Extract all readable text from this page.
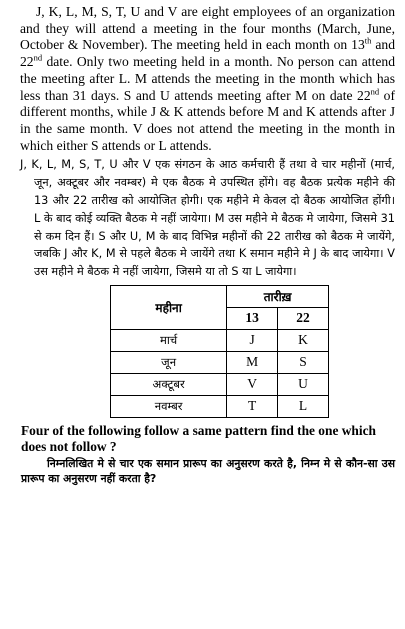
J, K, L, M, S, T, U and V are eight employees of an organization and they will attend a meeting in the four months (March, June, October & November). The meeting held in each month on 13th and 22nd date. Only two meeting held in a month. No person can attend the meeting after L. M attends the meeting in the month which has less than 31 days. S and U attends meeting after M on date 22nd of different months, while J & K attends before M and K attends after J in the same month. V does not attend the meeting in the month in which either S attends or L attends.

J, K, L, M, S, T, U और V एक संगठन के आठ कर्मचारी हैं तथा वे चार महीनों (मार्च, जून, अक्टूबर और नवम्बर) मे एक बैठक मे उपस्थित होंगे। वह बैठक प्रत्येक महीने की 13 और 22 तारीख को आयोजित होगी। एक महीने मे केवल दो बैठक आयोजित होंगी। L के बाद कोई व्यक्ति बैठक मे नहीं जायेगा। M उस महीने मे बैठक मे जायेगा, जिसमे 31 से कम दिन हैं। S और U, M के बाद विभिन्न महीनों की 22 तारीख को बैठक मे जायेंगे, जबकि J और K, M से पहले बैठक मे जायेंगे तथा K समान महीने मे J के बाद जायेगा। V उस महीने मे बैठक मे नहीं जायेगा, जिसमे या तो S या L जायेगा।

महीना	तारीख़	
	13	22
मार्च	J	K
जून	M	S
अक्टूबर	V	U
नवम्बर	T	L

Four of the following follow a same pattern find the one which does not follow ?

निम्नलिखित मे से चार एक समान प्रारूप का अनुसरण करते है, निम्न मे से कौन-सा उस प्रारूप का अनुसरण नहीं करता है?
